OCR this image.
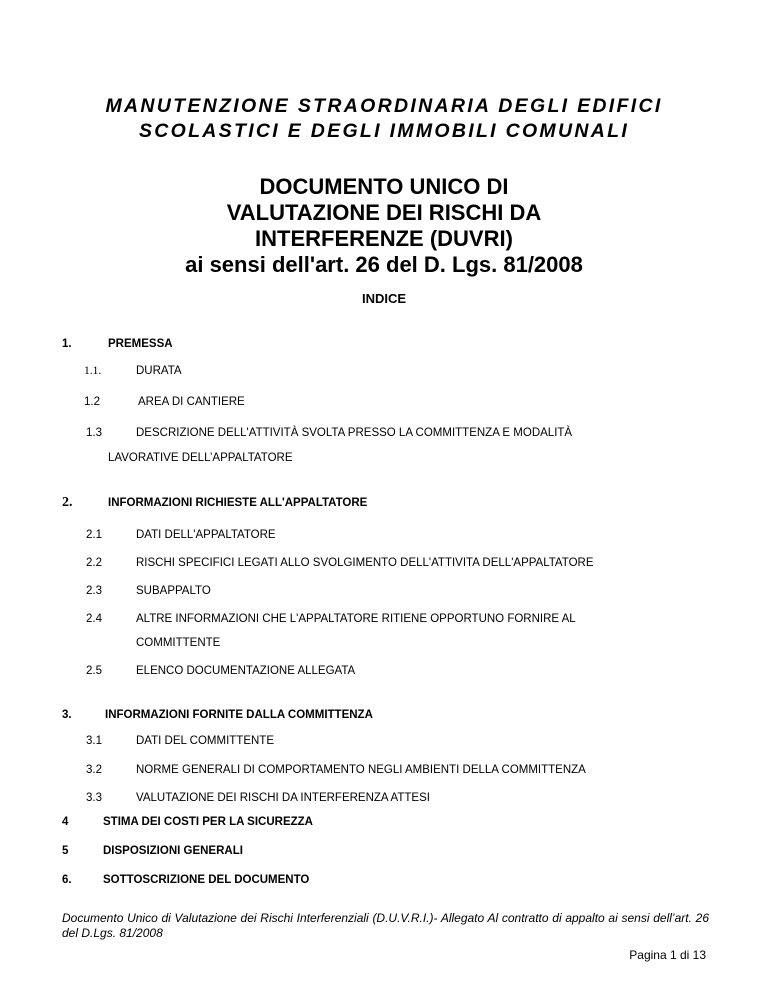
MANUTENZIONE STRAORDINARIA DEGLI EDIFICI
SCOLASTICI E DEGLI IMMOBILI COMUNALI
DOCUMENTO UNICO DI
VALUTAZIONE DEI RISCHI DA
INTERFERENZE (DUVRI)
ai sensi dell'art. 26 del D. Lgs. 81/2008
INDICE
1.	PREMESSA
1.1.	DURATA
1.2	AREA DI CANTIERE
1.3	DESCRIZIONE DELL'ATTIVITÀ SVOLTA PRESSO LA COMMITTENZA E MODALITÀ
LAVORATIVE DELL’APPALTATORE
2.	INFORMAZIONI RICHIESTE ALL'APPALTATORE
2.1	DATI DELL'APPALTATORE
2.2	RISCHI SPECIFICI LEGATI ALLO SVOLGIMENTO DELL'ATTIVITA DELL'APPALTATORE
2.3	SUBAPPALTO
2.4	ALTRE INFORMAZIONI CHE L'APPALTATORE RITIENE OPPORTUNO FORNIRE AL
COMMITTENTE
2.5	ELENCO DOCUMENTAZIONE ALLEGATA
3.	INFORMAZIONI FORNITE DALLA COMMITTENZA
3.1	DATI DEL COMMITTENTE
3.2	NORME GENERALI DI COMPORTAMENTO NEGLI AMBIENTI DELLA COMMITTENZA
3.3	VALUTAZIONE DEI RISCHI DA INTERFERENZA ATTESI
4	STIMA DEI COSTI PER LA SICUREZZA
5	DISPOSIZIONI GENERALI
6.	SOTTOSCRIZIONE DEL DOCUMENTO
Documento Unico di Valutazione dei Rischi Interferenziali (D.U.V.R.I.)- Allegato Al contratto di appalto ai sensi dell’art. 26 del D.Lgs. 81/2008
Pagina 1 di 13
